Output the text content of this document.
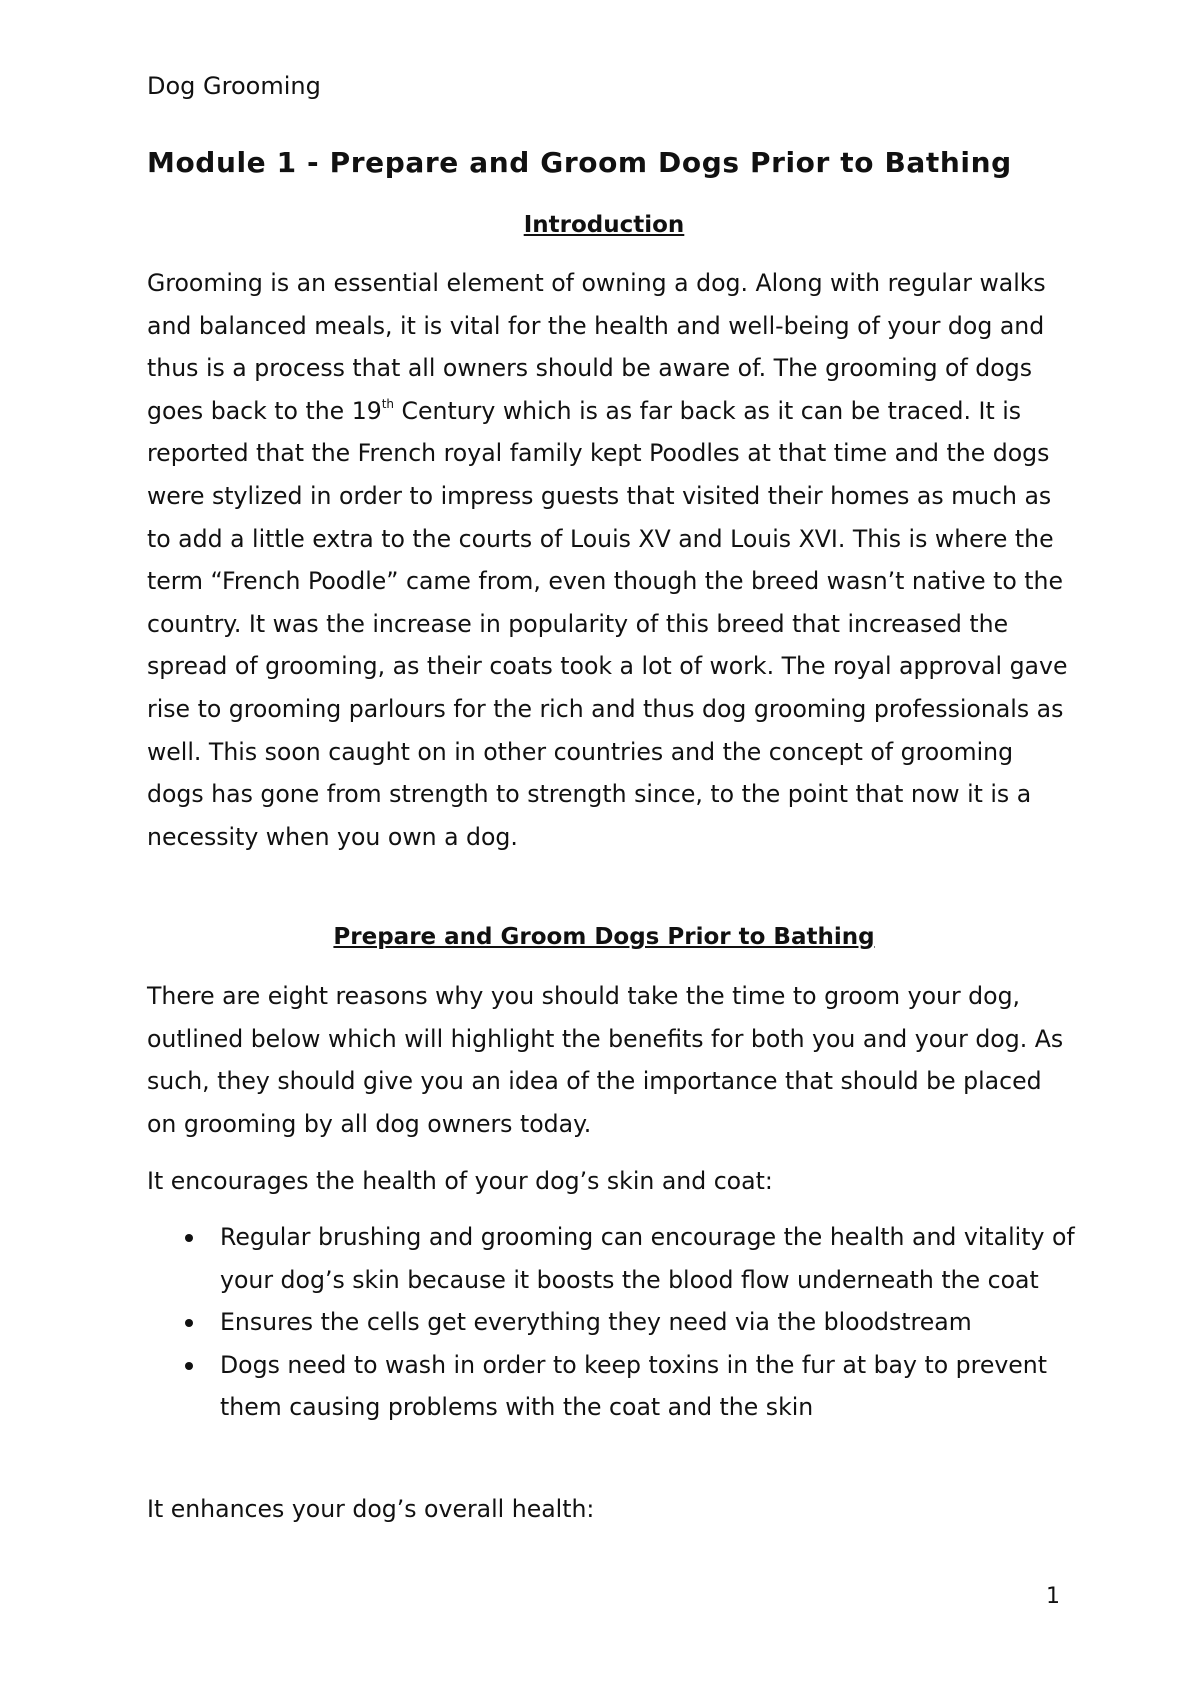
Dog Grooming
Module 1 - Prepare and Groom Dogs Prior to Bathing
Introduction

Grooming is an essential element of owning a dog. Along with regular walks and balanced meals, it is vital for the health and well-being of your dog and thus is a process that all owners should be aware of. The grooming of dogs goes back to the 19th Century which is as far back as it can be traced. It is reported that the French royal family kept Poodles at that time and the dogs were stylized in order to impress guests that visited their homes as much as to add a little extra to the courts of Louis XV and Louis XVI. This is where the term “French Poodle” came from, even though the breed wasn’t native to the country. It was the increase in popularity of this breed that increased the spread of grooming, as their coats took a lot of work. The royal approval gave rise to grooming parlours for the rich and thus dog grooming professionals as well. This soon caught on in other countries and the concept of grooming dogs has gone from strength to strength since, to the point that now it is a necessity when you own a dog.

Prepare and Groom Dogs Prior to Bathing

There are eight reasons why you should take the time to groom your dog, outlined below which will highlight the benefits for both you and your dog. As such, they should give you an idea of the importance that should be placed on grooming by all dog owners today.

It encourages the health of your dog’s skin and coat:

Regular brushing and grooming can encourage the health and vitality of your dog’s skin because it boosts the blood flow underneath the coat
Ensures the cells get everything they need via the bloodstream
Dogs need to wash in order to keep toxins in the fur at bay to prevent them causing problems with the coat and the skin

It enhances your dog’s overall health:

1
